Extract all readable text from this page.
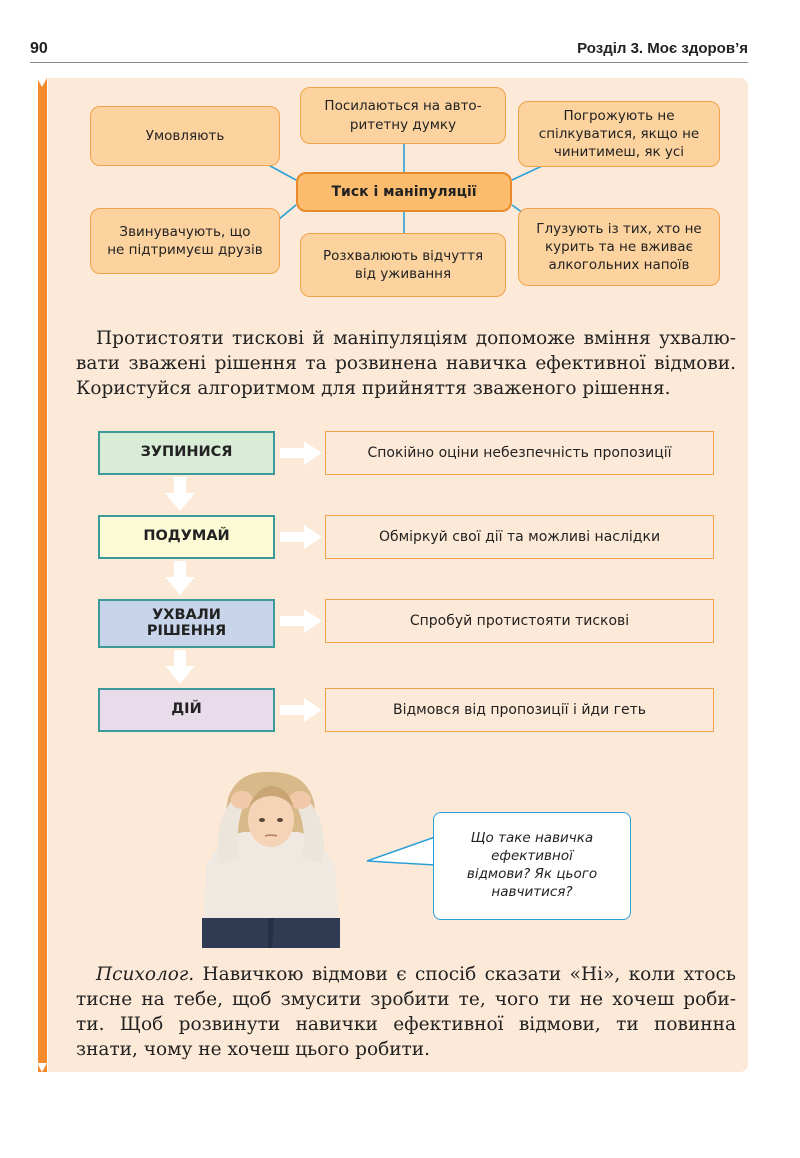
90	Розділ 3. Моє здоров’я
Умовляють
Посилаються на авто-
ритетну думку
Погрожують не
спілкуватися, якщо не
чинитимеш, як усі
Тиск і маніпуляції
Звинувачують, що
не підтримуєш друзів	Розхвалюють відчуття
від уживання
Глузують із тих, хто не
курить та не вживає
алкогольних напоїв
Протистояти тискові й маніпуляціям допоможе вміння ухвалю-
вати зважені рішення та розвинена навичка ефективної відмови.
Користуйся алгоритмом для прийняття зваженого рішення.
ЗУПИНИСЯ
ПОДУМАЙ
УХВАЛИ
РІШЕННЯ
ДІЙ
Спокійно оціни небезпечність пропозиції
Обміркуй свої дії та можливі наслідки
Спробуй протистояти тискові
Відмовся від пропозиції і йди геть
Що таке навичка
ефективної
відмови? Як цього
навчитися?
Психолог. Навичкою відмови є спосіб сказати «Ні», коли хтось
тисне на тебе, щоб змусити зробити те, чого ти не хочеш роби-
ти. Щоб розвинути навички ефективної відмови, ти повинна
знати, чому не хочеш цього робити.
